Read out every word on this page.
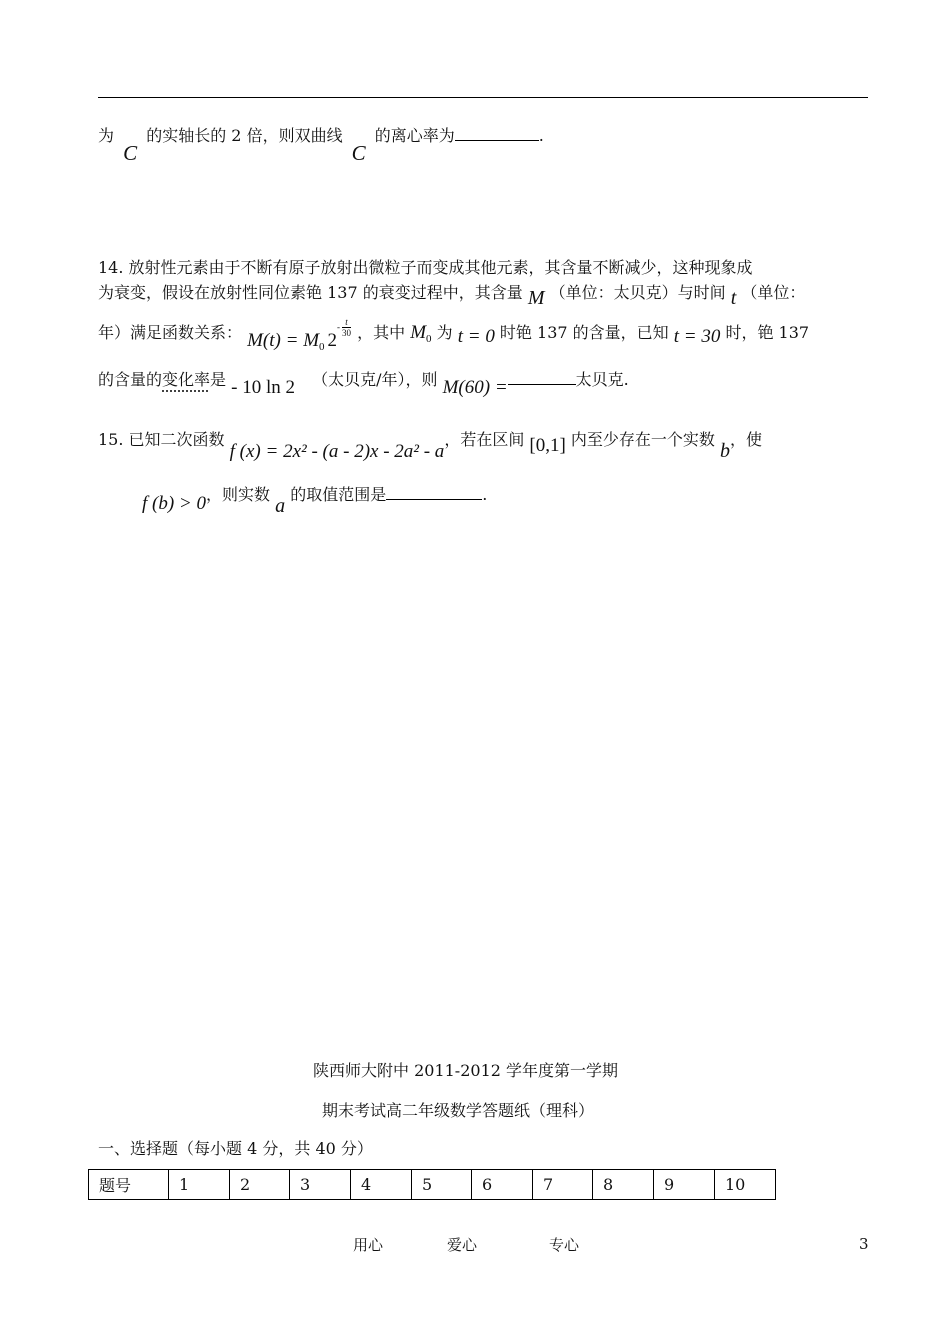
为 C 的实轴长的 2 倍，则双曲线 C 的离心率为	.
14. 放射性元素由于不断有原子放射出微粒子而变成其他元素，其含量不断减少，这种现象成
为衰变，假设在放射性同位素铯 137 的衰变过程中，其含量 M （单位：太贝克）与时间 t （单位：
年）满足函数关系： $M(t) = M_0$ $2- \frac{t}{30}$ ，其中 $M_0$ 为 t = 0 时铯 137 的含量，已知 t = 30 时，铯 137
的含量的变化率是 - 10 ln 2 （太贝克/年），则 M(60) =	太贝克.
15. 已知二次函数 f (x) = 2x² - (a - 2)x - 2a² - a，若在区间 [0,1] 内至少存在一个实数 b，使
f (b) > 0，则实数 a 的取值范围是	.
陕西师大附中 2011-2012 学年度第一学期
期末考试高二年级数学答题纸（理科）
一、选择题（每小题 4 分，共 40 分）
题号	1	2	3	4	5	6	7	8	9	10
用心	爱心	专心	3
